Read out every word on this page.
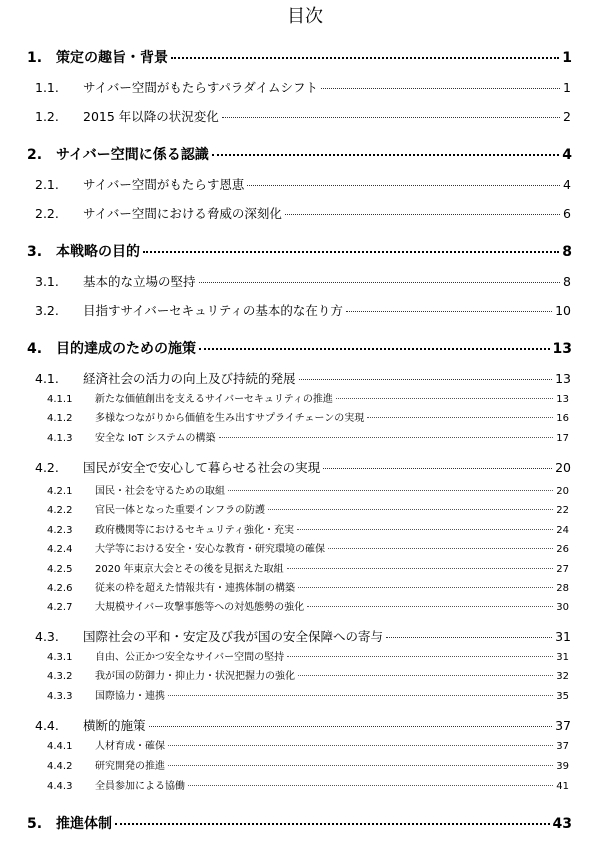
目次
1. 策定の趣旨・背景	1
1.1.	サイバー空間がもたらすパラダイムシフト	1
1.2.	2015 年以降の状況変化	2
2. サイバー空間に係る認識	4
2.1.	サイバー空間がもたらす恩恵	4
2.2.	サイバー空間における脅威の深刻化	6
3. 本戦略の目的	8
3.1.	基本的な立場の堅持	8
3.2.	目指すサイバーセキュリティの基本的な在り方	10
4. 目的達成のための施策	13
4.1.	経済社会の活力の向上及び持続的発展	13
4.1.1	新たな価値創出を支えるサイバーセキュリティの推進	13
4.1.2	多様なつながりから価値を生み出すサプライチェーンの実現	16
4.1.3	安全な IoT システムの構築	17
4.2.	国民が安全で安心して暮らせる社会の実現	20
4.2.1	国民・社会を守るための取組	20
4.2.2	官民一体となった重要インフラの防護	22
4.2.3	政府機関等におけるセキュリティ強化・充実	24
4.2.4	大学等における安全・安心な教育・研究環境の確保	26
4.2.5	2020 年東京大会とその後を見据えた取組	27
4.2.6	従来の枠を超えた情報共有・連携体制の構築	28
4.2.7	大規模サイバー攻撃事態等への対処態勢の強化	30
4.3.	国際社会の平和・安定及び我が国の安全保障への寄与	31
4.3.1	自由、公正かつ安全なサイバー空間の堅持	31
4.3.2	我が国の防御力・抑止力・状況把握力の強化	32
4.3.3	国際協力・連携	35
4.4.	横断的施策	37
4.4.1	人材育成・確保	37
4.4.2	研究開発の推進	39
4.4.3	全員参加による協働	41
5. 推進体制	43
